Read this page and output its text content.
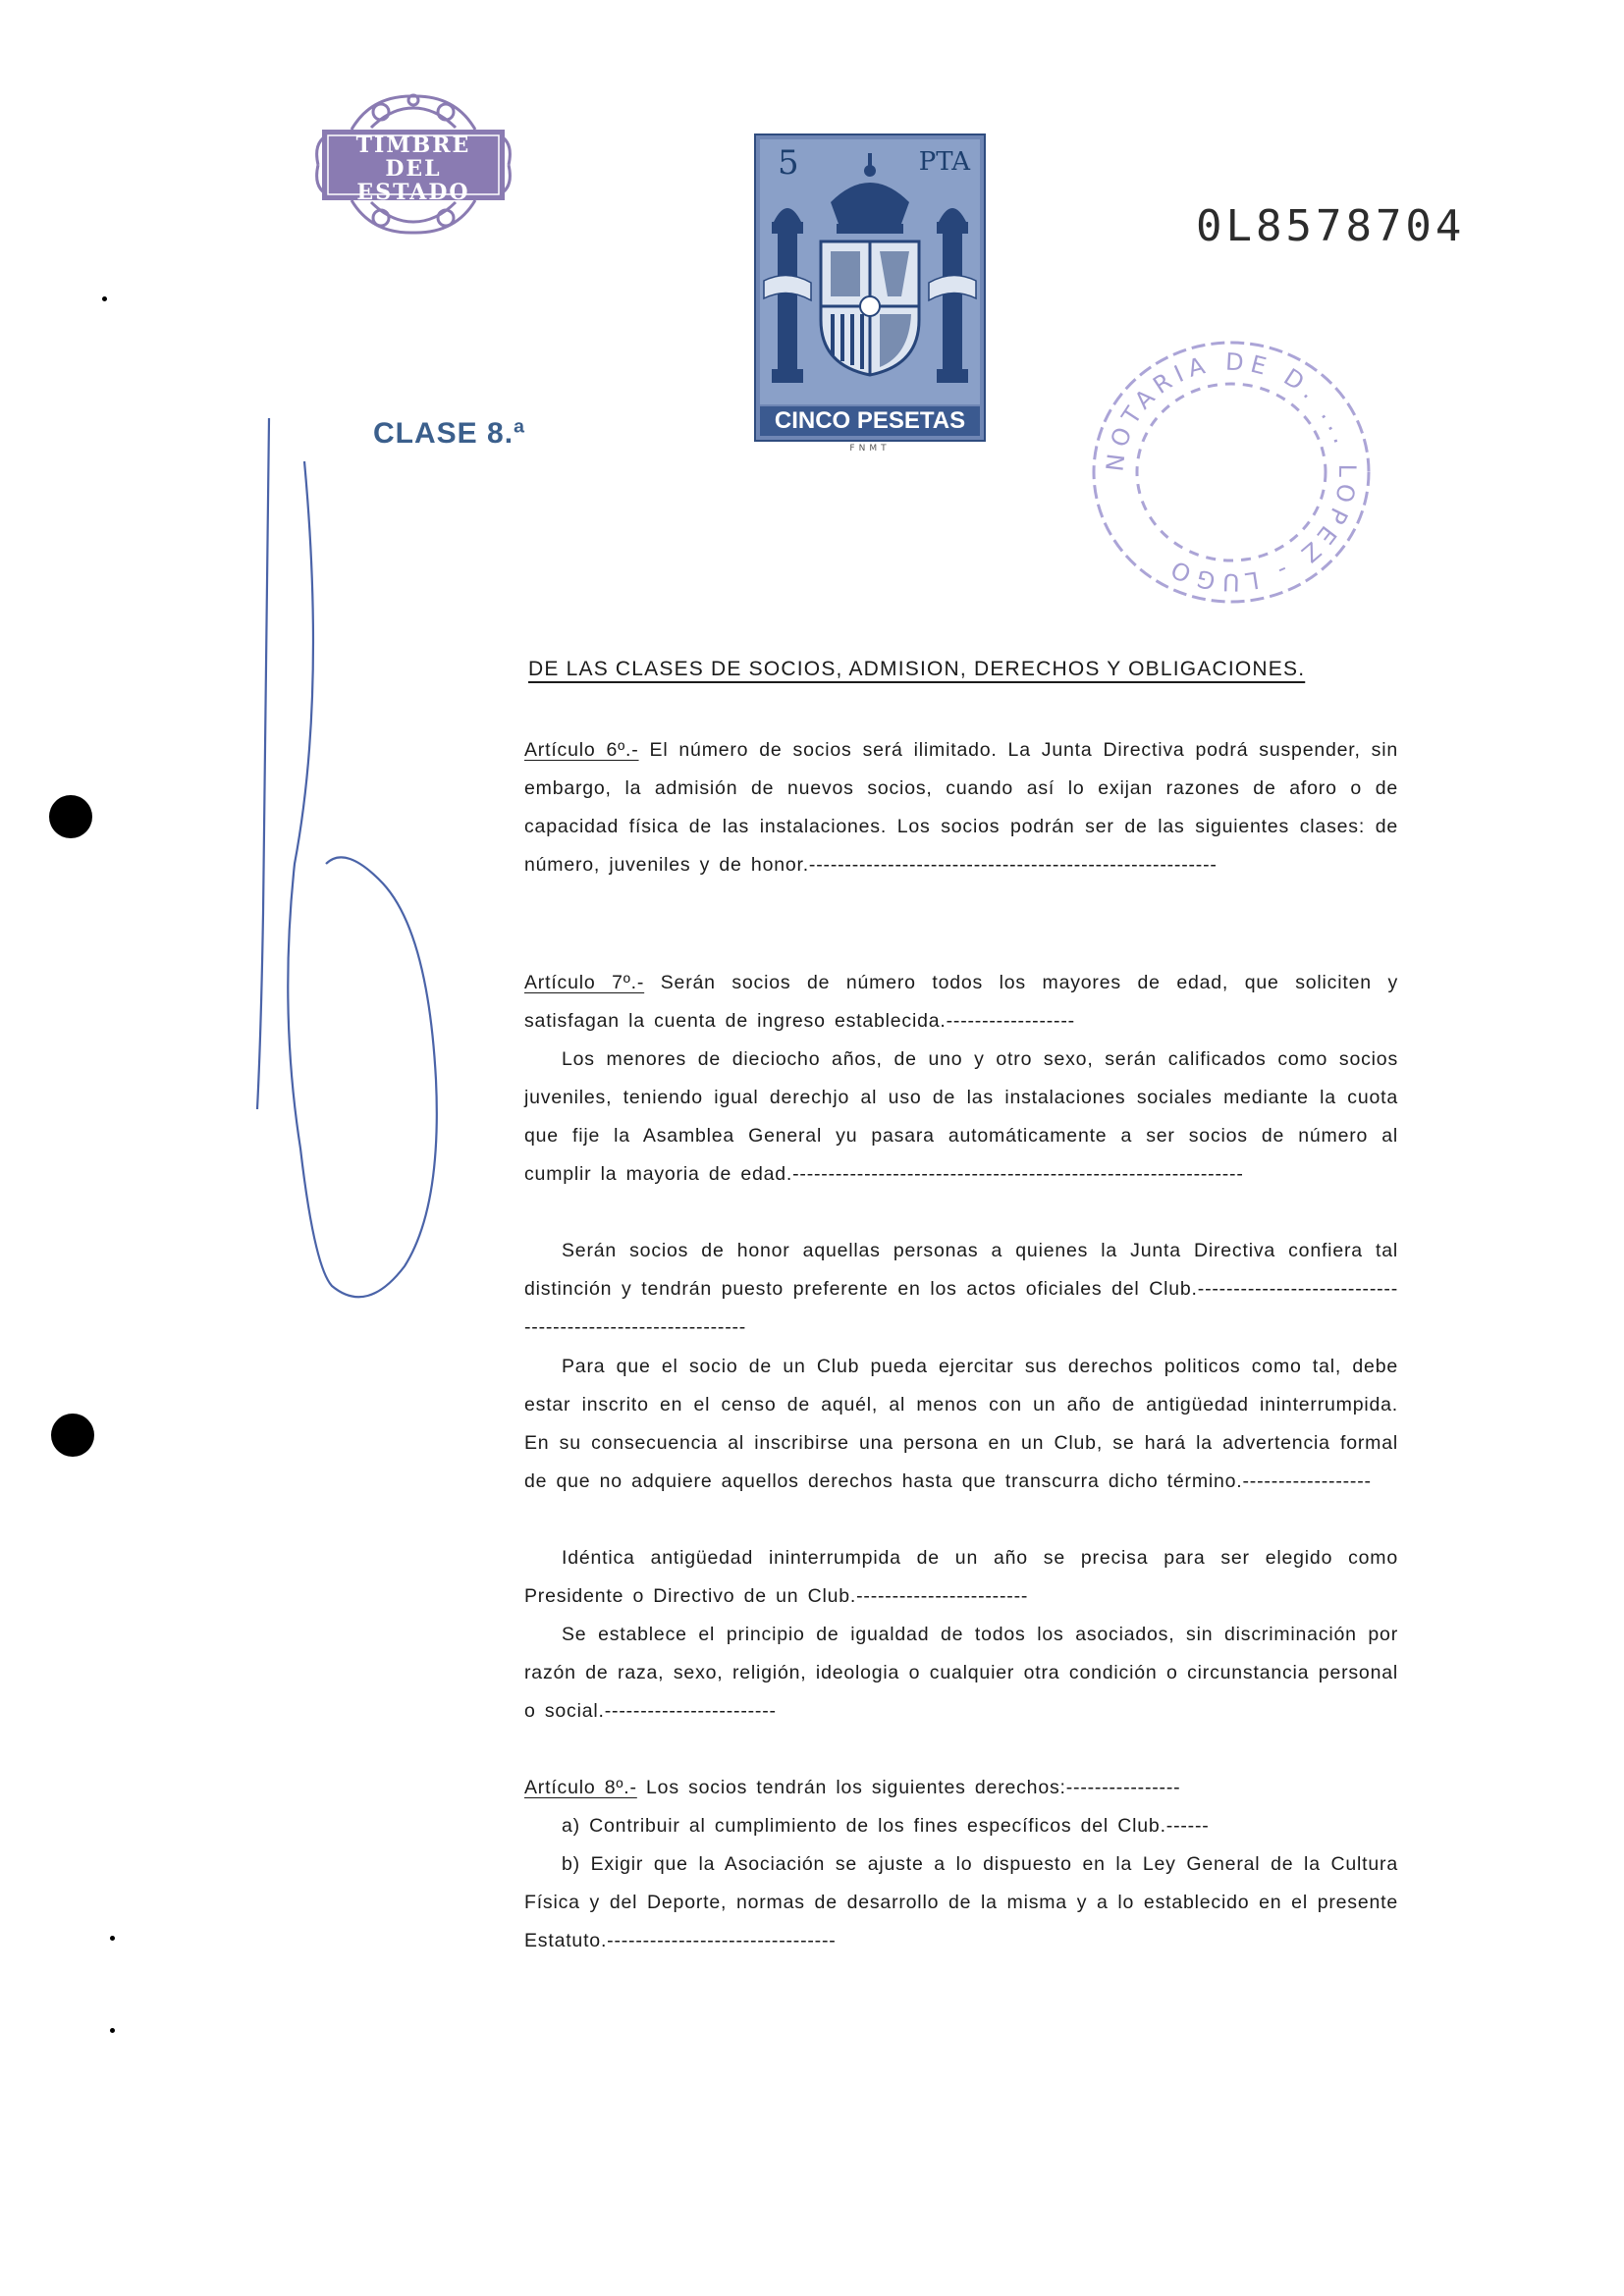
TIMBRE DEL ESTADO
5	PTA
CINCO PESETAS
FNMT
0L8578704
CLASE 8.ª
NOTARIA DE D. ... LOPEZ - LUGO
DE LAS CLASES DE SOCIOS, ADMISION, DERECHOS Y OBLIGACIONES.
Artículo 6º.- El número de socios será ilimitado. La Junta Directiva podrá suspender, sin embargo, la admisión de nuevos socios, cuando así lo exijan razones de aforo o de capacidad física de las instalaciones. Los socios podrán ser de las siguientes clases: de número, juveniles y de honor.---------------------------------------------------------
Artículo 7º.- Serán socios de número todos los mayores de edad, que soliciten y satisfagan la cuenta de ingreso establecida.------------------
Los menores de dieciocho años, de uno y otro sexo, serán calificados como socios juveniles, teniendo igual derechjo al uso de las instalaciones sociales mediante la cuota que fije la Asamblea General yu pasara automáticamente a ser socios de número al cumplir la mayoria de edad.---------------------------------------------------------------
Serán socios de honor aquellas personas a quienes la Junta Directiva confiera tal distinción y tendrán puesto preferente en los actos oficiales del Club.-----------------------------------------------------------
Para que el socio de un Club pueda ejercitar sus derechos politicos como tal, debe estar inscrito en el censo de aquél, al menos con un año de antigüedad ininterrumpida. En su consecuencia al inscribirse una persona en un Club, se hará la advertencia formal de que no adquiere aquellos derechos hasta que transcurra dicho término.------------------
Idéntica antigüedad ininterrumpida de un año se precisa para ser elegido como Presidente o Directivo de un Club.------------------------
Se establece el principio de igualdad de todos los asociados, sin discriminación por razón de raza, sexo, religión, ideologia o cualquier otra condición o circunstancia personal o social.------------------------
Artículo 8º.- Los socios tendrán los siguientes derechos:----------------
a) Contribuir al cumplimiento de los fines específicos del Club.------
b) Exigir que la Asociación se ajuste a lo dispuesto en la Ley General de la Cultura Física y del Deporte, normas de desarrollo de la misma y a lo establecido en el presente Estatuto.--------------------------------
